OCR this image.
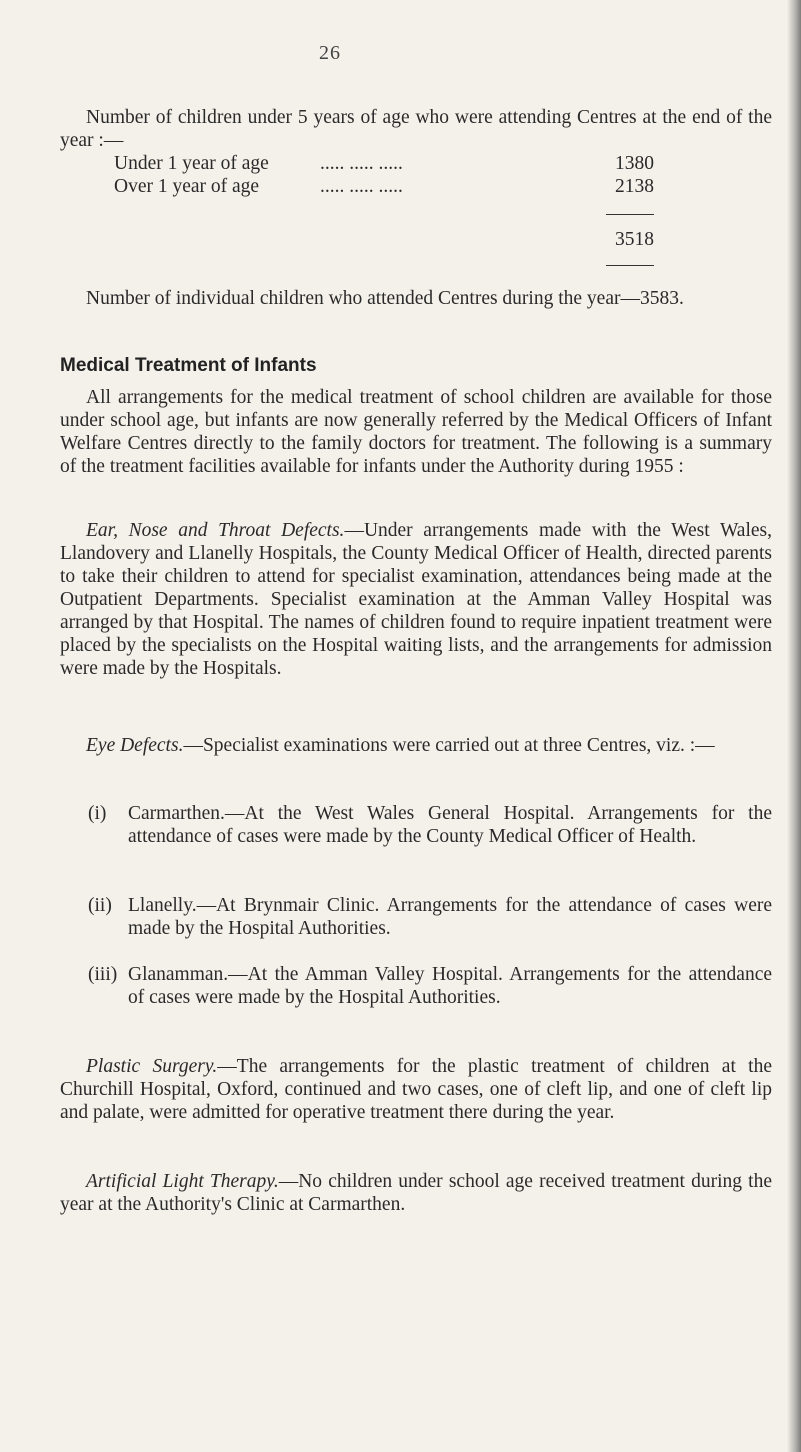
26

Number of children under 5 years of age who were attending Centres at the end of the year :—

Under 1 year of age	..... ..... .....	1380
Over 1 year of age	..... ..... .....	2138
3518

Number of individual children who attended Centres during the year—3583.

Medical Treatment of Infants

All arrangements for the medical treatment of school children are available for those under school age, but infants are now generally referred by the Medical Officers of Infant Welfare Centres directly to the family doctors for treatment. The following is a summary of the treatment facilities available for infants under the Authority during 1955 :

Ear, Nose and Throat Defects.—Under arrangements made with the West Wales, Llandovery and Llanelly Hospitals, the County Medical Officer of Health, directed parents to take their children to attend for specialist examination, attendances being made at the Outpatient Departments. Specialist examination at the Amman Valley Hospital was arranged by that Hospital. The names of children found to require inpatient treatment were placed by the specialists on the Hospital waiting lists, and the arrangements for admission were made by the Hospitals.

Eye Defects.—Specialist examinations were carried out at three Centres, viz. :—

(i) Carmarthen.—At the West Wales General Hospital. Arrangements for the attendance of cases were made by the County Medical Officer of Health.
(ii) Llanelly.—At Brynmair Clinic. Arrangements for the attendance of cases were made by the Hospital Authorities.
(iii) Glanamman.—At the Amman Valley Hospital. Arrangements for the attendance of cases were made by the Hospital Authorities.

Plastic Surgery.—The arrangements for the plastic treatment of children at the Churchill Hospital, Oxford, continued and two cases, one of cleft lip, and one of cleft lip and palate, were admitted for operative treatment there during the year.

Artificial Light Therapy.—No children under school age received treatment during the year at the Authority's Clinic at Carmarthen.
